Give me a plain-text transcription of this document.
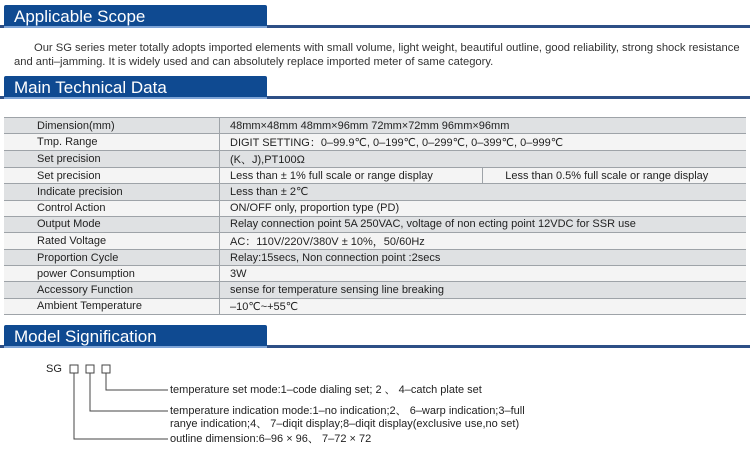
Applicable Scope
Our SG series meter totally adopts imported elements with small volume, light weight, beautiful outline, good reliability, strong shock resistance and anti–jamming. It is widely used and can absolutely replace imported meter of same category.
Main Technical Data
Dimension(mm)	48mm×48mm 48mm×96mm 72mm×72mm 96mm×96mm	
Tmp. Range	DIGIT SETTING：0–99.9℃, 0–199℃, 0–299℃, 0–399℃, 0–999℃	
Set precision	(K、J),PT100Ω	
Set precision	Less than ± 1% full scale or range display	Less than 0.5% full scale or range display
Indicate precision	Less than ± 2℃	
Control Action	ON/OFF only, proportion type (PD)	
Output Mode	Relay connection point 5A 250VAC, voltage of non ecting point 12VDC for SSR use	
Rated Voltage	AC：110V/220V/380V ± 10%，50/60Hz	
Proportion Cycle	Relay:15secs, Non connection point :2secs	
power Consumption	3W	
Accessory Function	sense for temperature sensing line breaking	
Ambient Temperature	–10℃~+55℃	
Model Signification
SG
temperature set mode:1–code dialing set; 2 、 4–catch plate set
temperature indication mode:1–no indication;2、 6–warp indication;3–full
ranye indication;4、 7–diqit display;8–diqit display(exclusive use,no set)
outline dimension:6–96 × 96、 7–72 × 72
